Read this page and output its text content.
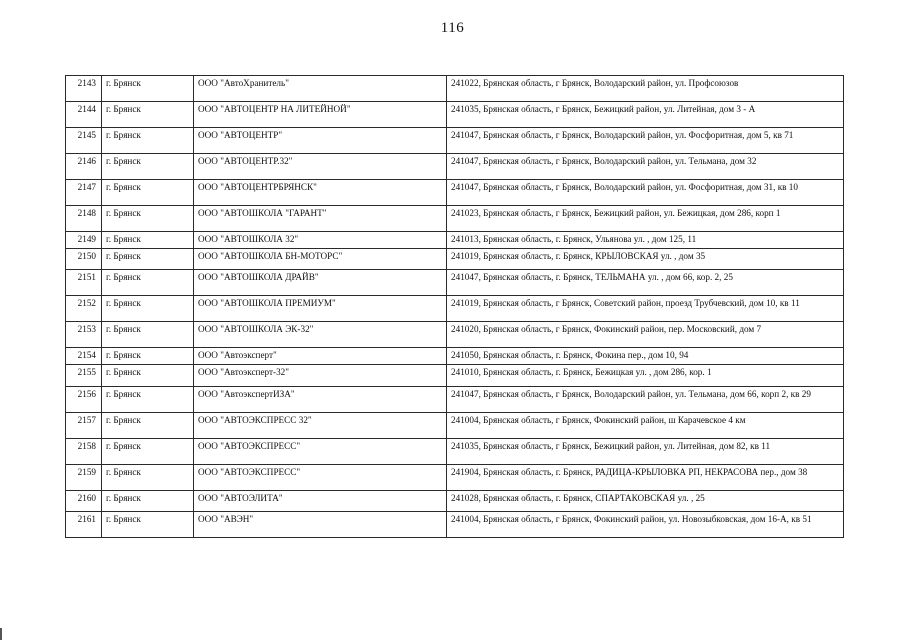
116
2143	г. Брянск	ООО "АвтоХранитель"	241022, Брянская область, г Брянск, Володарский район, ул. Профсоюзов
2144	г. Брянск	ООО "АВТОЦЕНТР НА ЛИТЕЙНОЙ"	241035, Брянская область, г Брянск, Бежицкий район, ул. Литейная, дом 3 - А
2145	г. Брянск	ООО "АВТОЦЕНТР"	241047, Брянская область, г Брянск, Володарский район, ул. Фосфоритная, дом 5, кв 71
2146	г. Брянск	ООО "АВТОЦЕНТР.32"	241047, Брянская область, г Брянск, Володарский район, ул. Тельмана, дом 32
2147	г. Брянск	ООО "АВТОЦЕНТРБРЯНСК"	241047, Брянская область, г Брянск, Володарский район, ул. Фосфоритная, дом 31, кв 10
2148	г. Брянск	ООО "АВТОШКОЛА "ГАРАНТ"	241023, Брянская область, г Брянск, Бежицкий район, ул. Бежицкая, дом 286, корп 1
2149	г. Брянск	ООО "АВТОШКОЛА 32"	241013, Брянская область, г. Брянск, Ульянова ул. , дом 125, 11
2150	г. Брянск	ООО "АВТОШКОЛА БН-МОТОРС"	241019, Брянская область, г. Брянск, КРЫЛОВСКАЯ ул. , дом 35
2151	г. Брянск	ООО "АВТОШКОЛА ДРАЙВ"	241047, Брянская область, г. Брянск, ТЕЛЬМАНА ул. , дом 66, кор. 2, 25
2152	г. Брянск	ООО "АВТОШКОЛА ПРЕМИУМ"	241019, Брянская область, г Брянск, Советский район, проезд Трубчевский, дом 10, кв 11
2153	г. Брянск	ООО "АВТОШКОЛА ЭК-32"	241020, Брянская область, г Брянск, Фокинский район, пер. Московский, дом 7
2154	г. Брянск	ООО "Автоэксперт"	241050, Брянская область, г. Брянск, Фокина пер., дом 10, 94
2155	г. Брянск	ООО "Автоэксперт-32"	241010, Брянская область, г. Брянск, Бежицкая ул. , дом 286, кор. 1
2156	г. Брянск	ООО "АвтоэкспертИЗА"	241047, Брянская область, г Брянск, Володарский район, ул. Тельмана, дом 66, корп 2, кв 29
2157	г. Брянск	ООО "АВТОЭКСПРЕСС 32"	241004, Брянская область, г Брянск, Фокинский район, ш Карачевское 4 км
2158	г. Брянск	ООО "АВТОЭКСПРЕСС"	241035, Брянская область, г Брянск, Бежицкий район, ул. Литейная, дом 82, кв 11
2159	г. Брянск	ООО "АВТОЭКСПРЕСС"	241904, Брянская область, г. Брянск, РАДИЦА-КРЫЛОВКА РП, НЕКРАСОВА пер., дом 38
2160	г. Брянск	ООО "АВТОЭЛИТА"	241028, Брянская область, г. Брянск, СПАРТАКОВСКАЯ ул. , 25
2161	г. Брянск	ООО "АВЭН"	241004, Брянская область, г Брянск, Фокинский район, ул. Новозыбковская, дом 16-А, кв 51
